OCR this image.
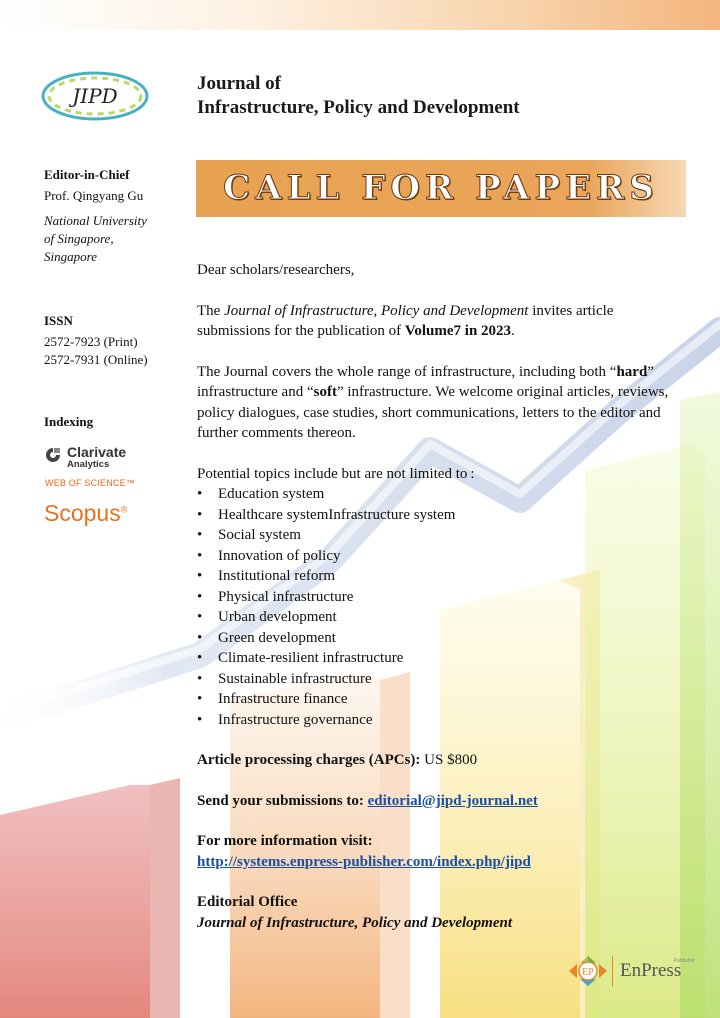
JIPD
Journal of
Infrastructure, Policy and Development
Editor-in-Chief
Prof. Qingyang Gu
National University
of Singapore,
Singapore
ISSN
2572-7923 (Print)
2572-7931 (Online)
Indexing
Clarivate
Analytics
WEB OF SCIENCE™
Scopus®
CALL FOR PAPERS

Dear scholars/researchers,

The Journal of Infrastructure, Policy and Development invites article submissions for the publication of Volume7 in 2023.

The Journal covers the whole range of infrastructure, including both “hard” infrastructure and “soft” infrastructure. We welcome original articles, reviews, policy dialogues, case studies, short communications, letters to the editor and further comments thereon.

Potential topics include but are not limited to :

• Education system
• Healthcare systemInfrastructure system
• Social system
• Innovation of policy
• Institutional reform
• Physical infrastructure
• Urban development
• Green development
• Climate-resilient infrastructure
• Sustainable infrastructure
• Infrastructure finance
• Infrastructure governance

Article processing charges (APCs): US $800

Send your submissions to: editorial@jipd-journal.net

For more information visit:

http://systems.enpress-publisher.com/index.php/jipd

Editorial Office

Journal of Infrastructure, Policy and Development

EP EnPress
Publisher
